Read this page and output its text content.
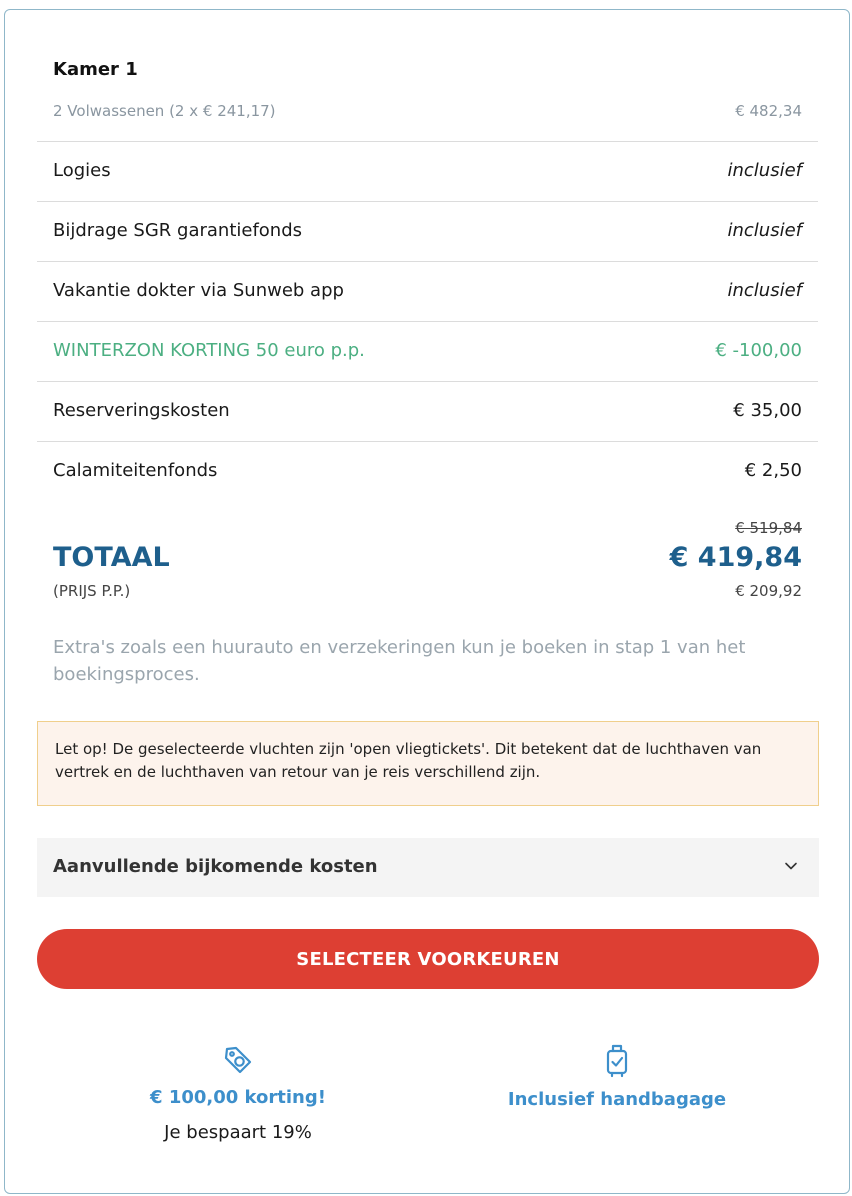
Kamer 1
2 Volwassenen (2 x € 241,17)	€ 482,34
Logies	inclusief
Bijdrage SGR garantiefonds	inclusief
Vakantie dokter via Sunweb app	inclusief
WINTERZON KORTING 50 euro p.p.	€ -100,00
Reserveringskosten	€ 35,00
Calamiteitenfonds	€ 2,50
€ 519,84
TOTAAL	€ 419,84
(PRIJS P.P.)	€ 209,92
Extra's zoals een huurauto en verzekeringen kun je boeken in stap 1 van het boekingsproces.
Let op! De geselecteerde vluchten zijn 'open vliegtickets'. Dit betekent dat de luchthaven van vertrek en de luchthaven van retour van je reis verschillend zijn.
Aanvullende bijkomende kosten
SELECTEER VOORKEUREN
€ 100,00 korting!
Je bespaart 19%
Inclusief handbagage
